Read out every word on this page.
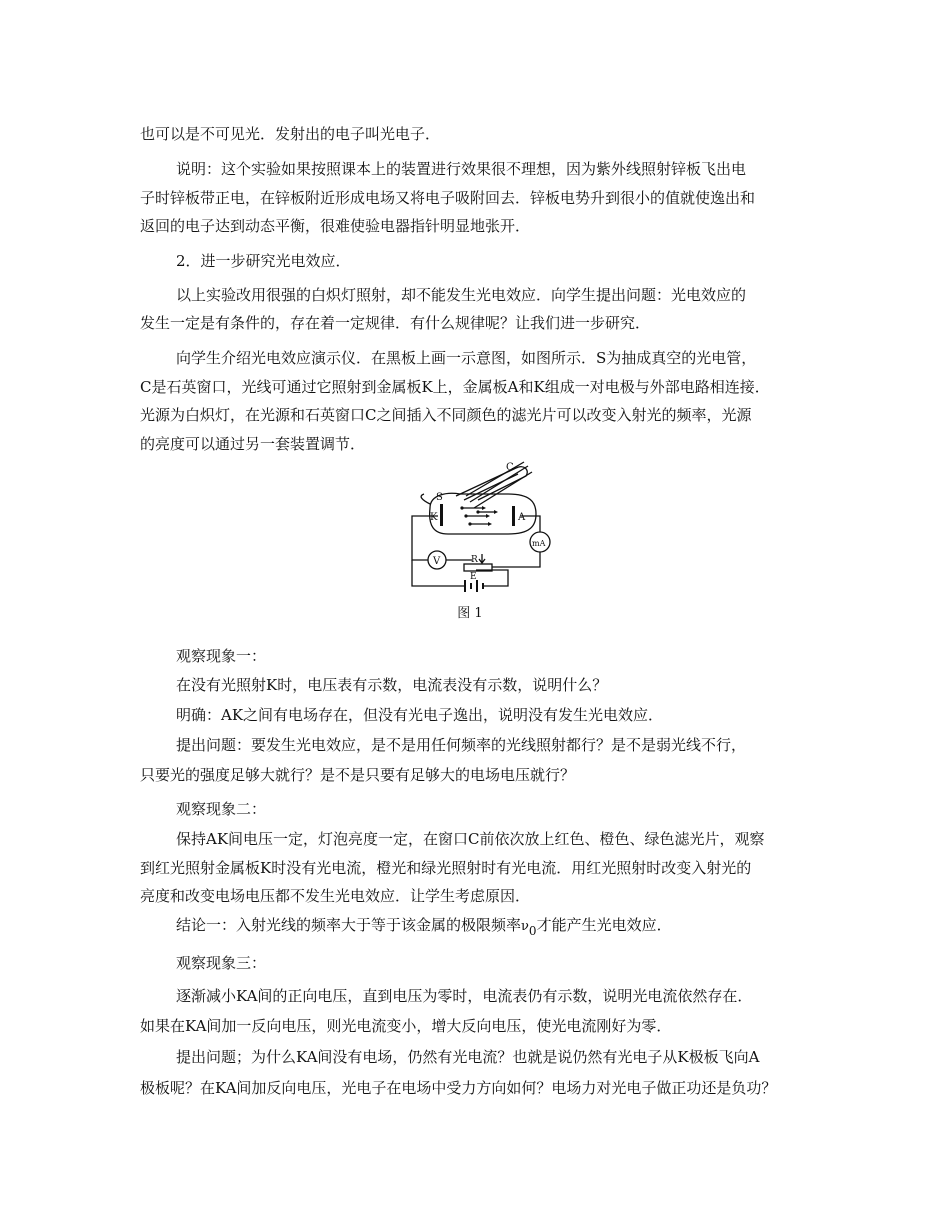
也可以是不可见光．发射出的电子叫光电子．
说明：这个实验如果按照课本上的装置进行效果很不理想，因为紫外线照射锌板飞出电
子时锌板带正电，在锌板附近形成电场又将电子吸附回去．锌板电势升到很小的值就使逸出和
返回的电子达到动态平衡，很难使验电器指针明显地张开．
2．进一步研究光电效应．
以上实验改用很强的白炽灯照射，却不能发生光电效应．向学生提出问题：光电效应的
发生一定是有条件的，存在着一定规律．有什么规律呢？让我们进一步研究．
向学生介绍光电效应演示仪．在黑板上画一示意图，如图所示．S为抽成真空的光电管，
C是石英窗口，光线可通过它照射到金属板K上，金属板A和K组成一对电极与外部电路相连接．
光源为白炽灯，在光源和石英窗口C之间插入不同颜色的滤光片可以改变入射光的频率，光源
的亮度可以通过另一套装置调节．
S
C
K	A
V
mA
R
E
图 1
观察现象一：
在没有光照射K时，电压表有示数，电流表没有示数，说明什么？
明确：AK之间有电场存在，但没有光电子逸出，说明没有发生光电效应．
提出问题：要发生光电效应，是不是用任何频率的光线照射都行？是不是弱光线不行，
只要光的强度足够大就行？是不是只要有足够大的电场电压就行？
观察现象二：
保持AK间电压一定，灯泡亮度一定，在窗口C前依次放上红色、橙色、绿色滤光片，观察
到红光照射金属板K时没有光电流，橙光和绿光照射时有光电流．用红光照射时改变入射光的
亮度和改变电场电压都不发生光电效应．让学生考虑原因．
结论一：入射光线的频率大于等于该金属的极限频率$\nu_0$才能产生光电效应．
观察现象三：
逐渐减小KA间的正向电压，直到电压为零时，电流表仍有示数，说明光电流依然存在．
如果在KA间加一反向电压，则光电流变小，增大反向电压，使光电流刚好为零．
提出问题；为什么KA间没有电场，仍然有光电流？也就是说仍然有光电子从K极板飞向A
极板呢？在KA间加反向电压，光电子在电场中受力方向如何？电场力对光电子做正功还是负功？
